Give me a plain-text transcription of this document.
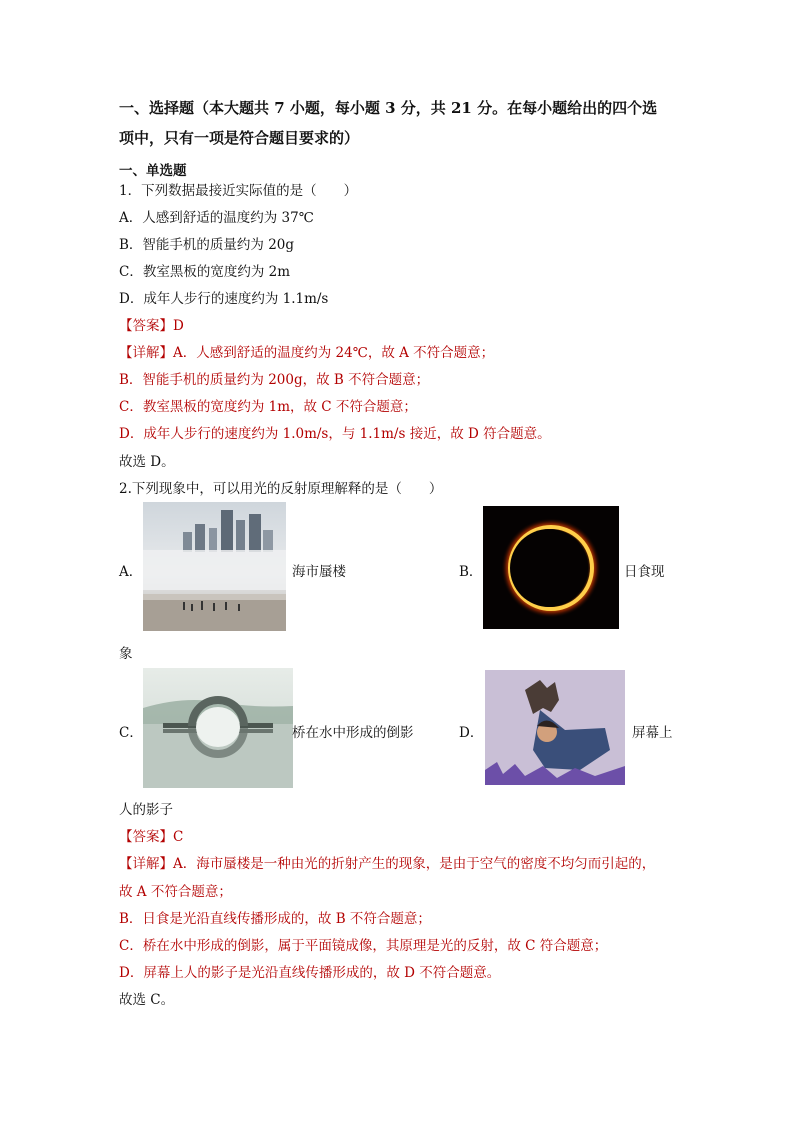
一、选择题（本大题共 7 小题，每小题 3 分，共 21 分。在每小题给出的四个选
项中，只有一项是符合题目要求的）
一、单选题
1．下列数据最接近实际值的是（　　）
A．人感到舒适的温度约为 37℃
B．智能手机的质量约为 20g
C．教室黑板的宽度约为 2m
D．成年人步行的速度约为 1.1m/s
【答案】D
【详解】A．人感到舒适的温度约为 24℃，故 A 不符合题意；
B．智能手机的质量约为 200g，故 B 不符合题意；
C．教室黑板的宽度约为 1m，故 C 不符合题意；
D．成年人步行的速度约为 1.0m/s，与 1.1m/s 接近，故 D 符合题意。
故选 D。
2.下列现象中，可以用光的反射原理解释的是（　　）
A．	海市蜃楼	B．	日食现
象
C．	桥在水中形成的倒影	D．	屏幕上
人的影子
【答案】C
【详解】A．海市蜃楼是一种由光的折射产生的现象，是由于空气的密度不均匀而引起的，
故 A 不符合题意；
B．日食是光沿直线传播形成的，故 B 不符合题意；
C．桥在水中形成的倒影，属于平面镜成像，其原理是光的反射，故 C 符合题意；
D．屏幕上人的影子是光沿直线传播形成的，故 D 不符合题意。
故选 C。
